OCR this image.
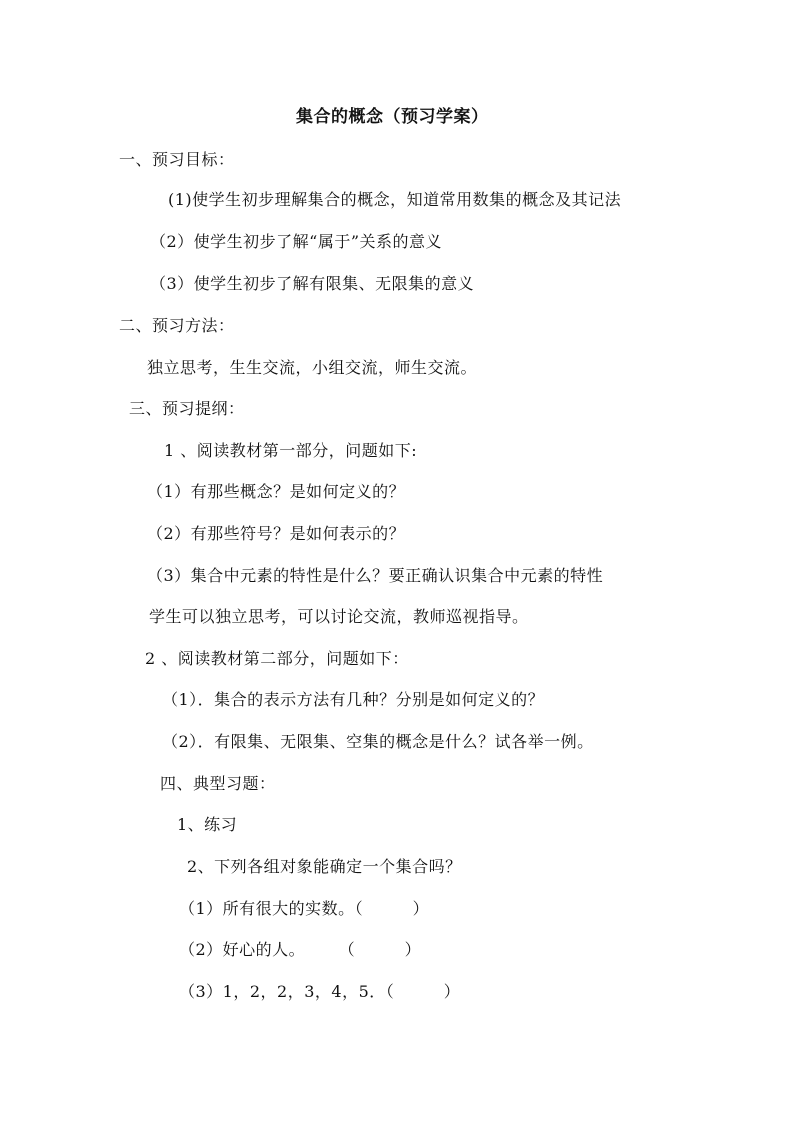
集合的概念（预习学案）
一、预习目标：
(1)使学生初步理解集合的概念，知道常用数集的概念及其记法
（2）使学生初步了解“属于”关系的意义
（3）使学生初步了解有限集、无限集的意义
二、预习方法：
独立思考，生生交流，小组交流，师生交流。
三、预习提纲：
1 、阅读教材第一部分，问题如下:
（1）有那些概念？是如何定义的？
（2）有那些符号？是如何表示的？
（3）集合中元素的特性是什么？要正确认识集合中元素的特性
学生可以独立思考，可以讨论交流，教师巡视指导。
2 、阅读教材第二部分，问题如下：
（1）．集合的表示方法有几种？分别是如何定义的？
（2）．有限集、无限集、空集的概念是什么？试各举一例。
四、典型习题：
1、练习
2、下列各组对象能确定一个集合吗？
（1）所有很大的实数。（　　　）
（2）好心的人。　　　（　　　）
（3）1，2，2，3，4，5．（　　　）
